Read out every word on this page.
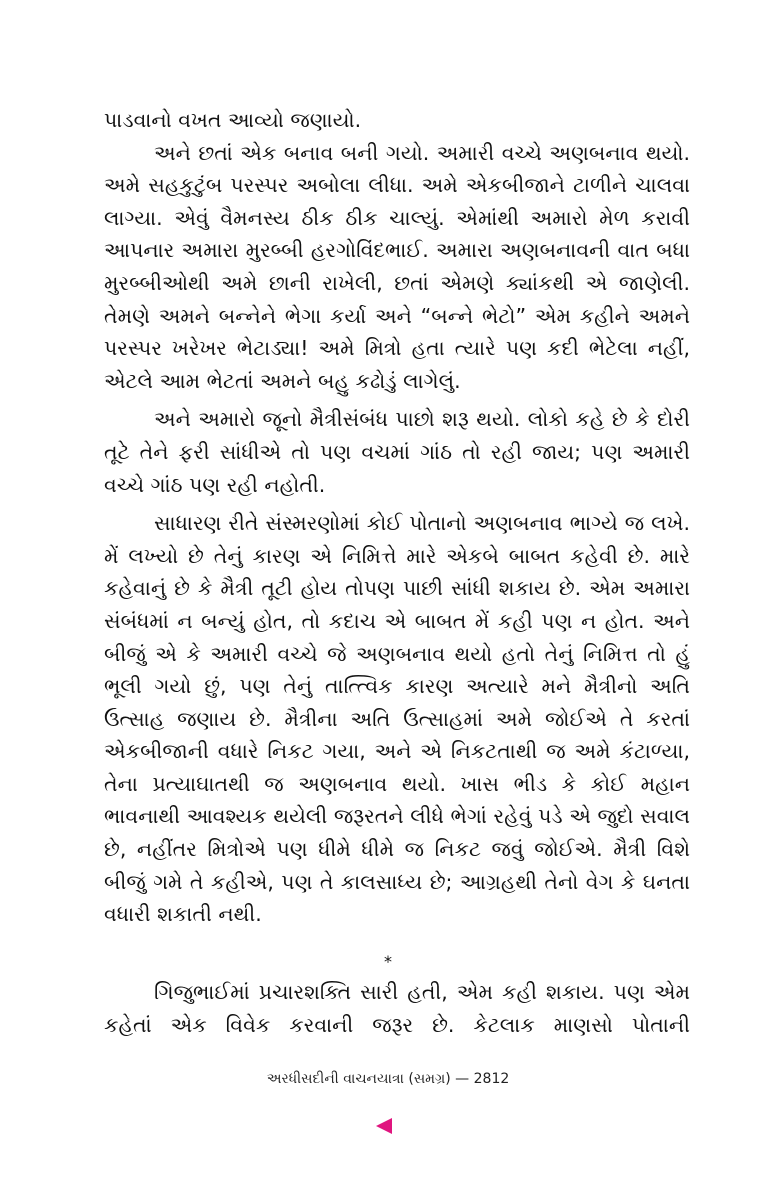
પાડવાનો વખત આવ્યો જણાયો.

અને છતાં એક બનાવ બની ગયો. અમારી વચ્ચે અણબનાવ થયો. અમે સહકુટુંબ પરસ્પર અબોલા લીધા. અમે એકબીજાને ટાળીને ચાલવા લાગ્યા. એવું વૈમનસ્ય ઠીક ઠીક ચાલ્યું. એમાંથી અમારો મેળ કરાવી આપનાર અમારા મુરબ્બી હરગોવિંદભાઈ. અમારા અણબનાવની વાત બધા મુરબ્બીઓથી અમે છાની રાખેલી, છતાં એમણે ક્યાંકથી એ જાણેલી. તેમણે અમને બન્નેને ભેગા કર્યા અને “બન્ને ભેટો” એમ કહીને અમને પરસ્પર ખરેખર ભેટાડ્યા! અમે મિત્રો હતા ત્યારે પણ કદી ભેટેલા નહીં, એટલે આમ ભેટતાં અમને બહુ કઢોડું લાગેલું.

અને અમારો જૂનો મૈત્રીસંબંધ પાછો શરૂ થયો. લોકો કહે છે કે દોરી તૂટે તેને ફરી સાંધીએ તો પણ વચમાં ગાંઠ તો રહી જાય; પણ અમારી વચ્ચે ગાંઠ પણ રહી નહોતી.

સાધારણ રીતે સંસ્મરણોમાં કોઈ પોતાનો અણબનાવ ભાગ્યે જ લખે. મેં લખ્યો છે તેનું કારણ એ નિમિત્તે મારે એકબે બાબત કહેવી છે. મારે કહેવાનું છે કે મૈત્રી તૂટી હોય તોપણ પાછી સાંધી શકાય છે. એમ અમારા સંબંધમાં ન બન્યું હોત, તો કદાચ એ બાબત મેં કહી પણ ન હોત. અને બીજું એ કે અમારી વચ્ચે જે અણબનાવ થયો હતો તેનું નિમિત્ત તો હું ભૂલી ગયો છું, પણ તેનું તાત્ત્વિક કારણ અત્યારે મને મૈત્રીનો અતિ ઉત્સાહ જણાય છે. મૈત્રીના અતિ ઉત્સાહમાં અમે જોઈએ તે કરતાં એકબીજાની વધારે નિકટ ગયા, અને એ નિકટતાથી જ અમે કંટાળ્યા, તેના પ્રત્યાઘાતથી જ અણબનાવ થયો. ખાસ ભીડ કે કોઈ મહાન ભાવનાથી આવશ્યક થયેલી જરૂરતને લીધે ભેગાં રહેવું પડે એ જુદો સવાલ છે, નહીંતર મિત્રોએ પણ ધીમે ધીમે જ નિકટ જવું જોઈએ. મૈત્રી વિશે બીજું ગમે તે કહીએ, પણ તે કાલસાધ્ય છે; આગ્રહથી તેનો વેગ કે ઘનતા વધારી શકાતી નથી.

*
ગિજુભાઈમાં પ્રચારશક્તિ સારી હતી, એમ કહી શકાય. પણ એમ કહેતાં એક વિવેક કરવાની જરૂર છે. કેટલાક માણસો પોતાની
અરધીસદીની વાચનયાત્રા (સમગ્ર) — 2812
